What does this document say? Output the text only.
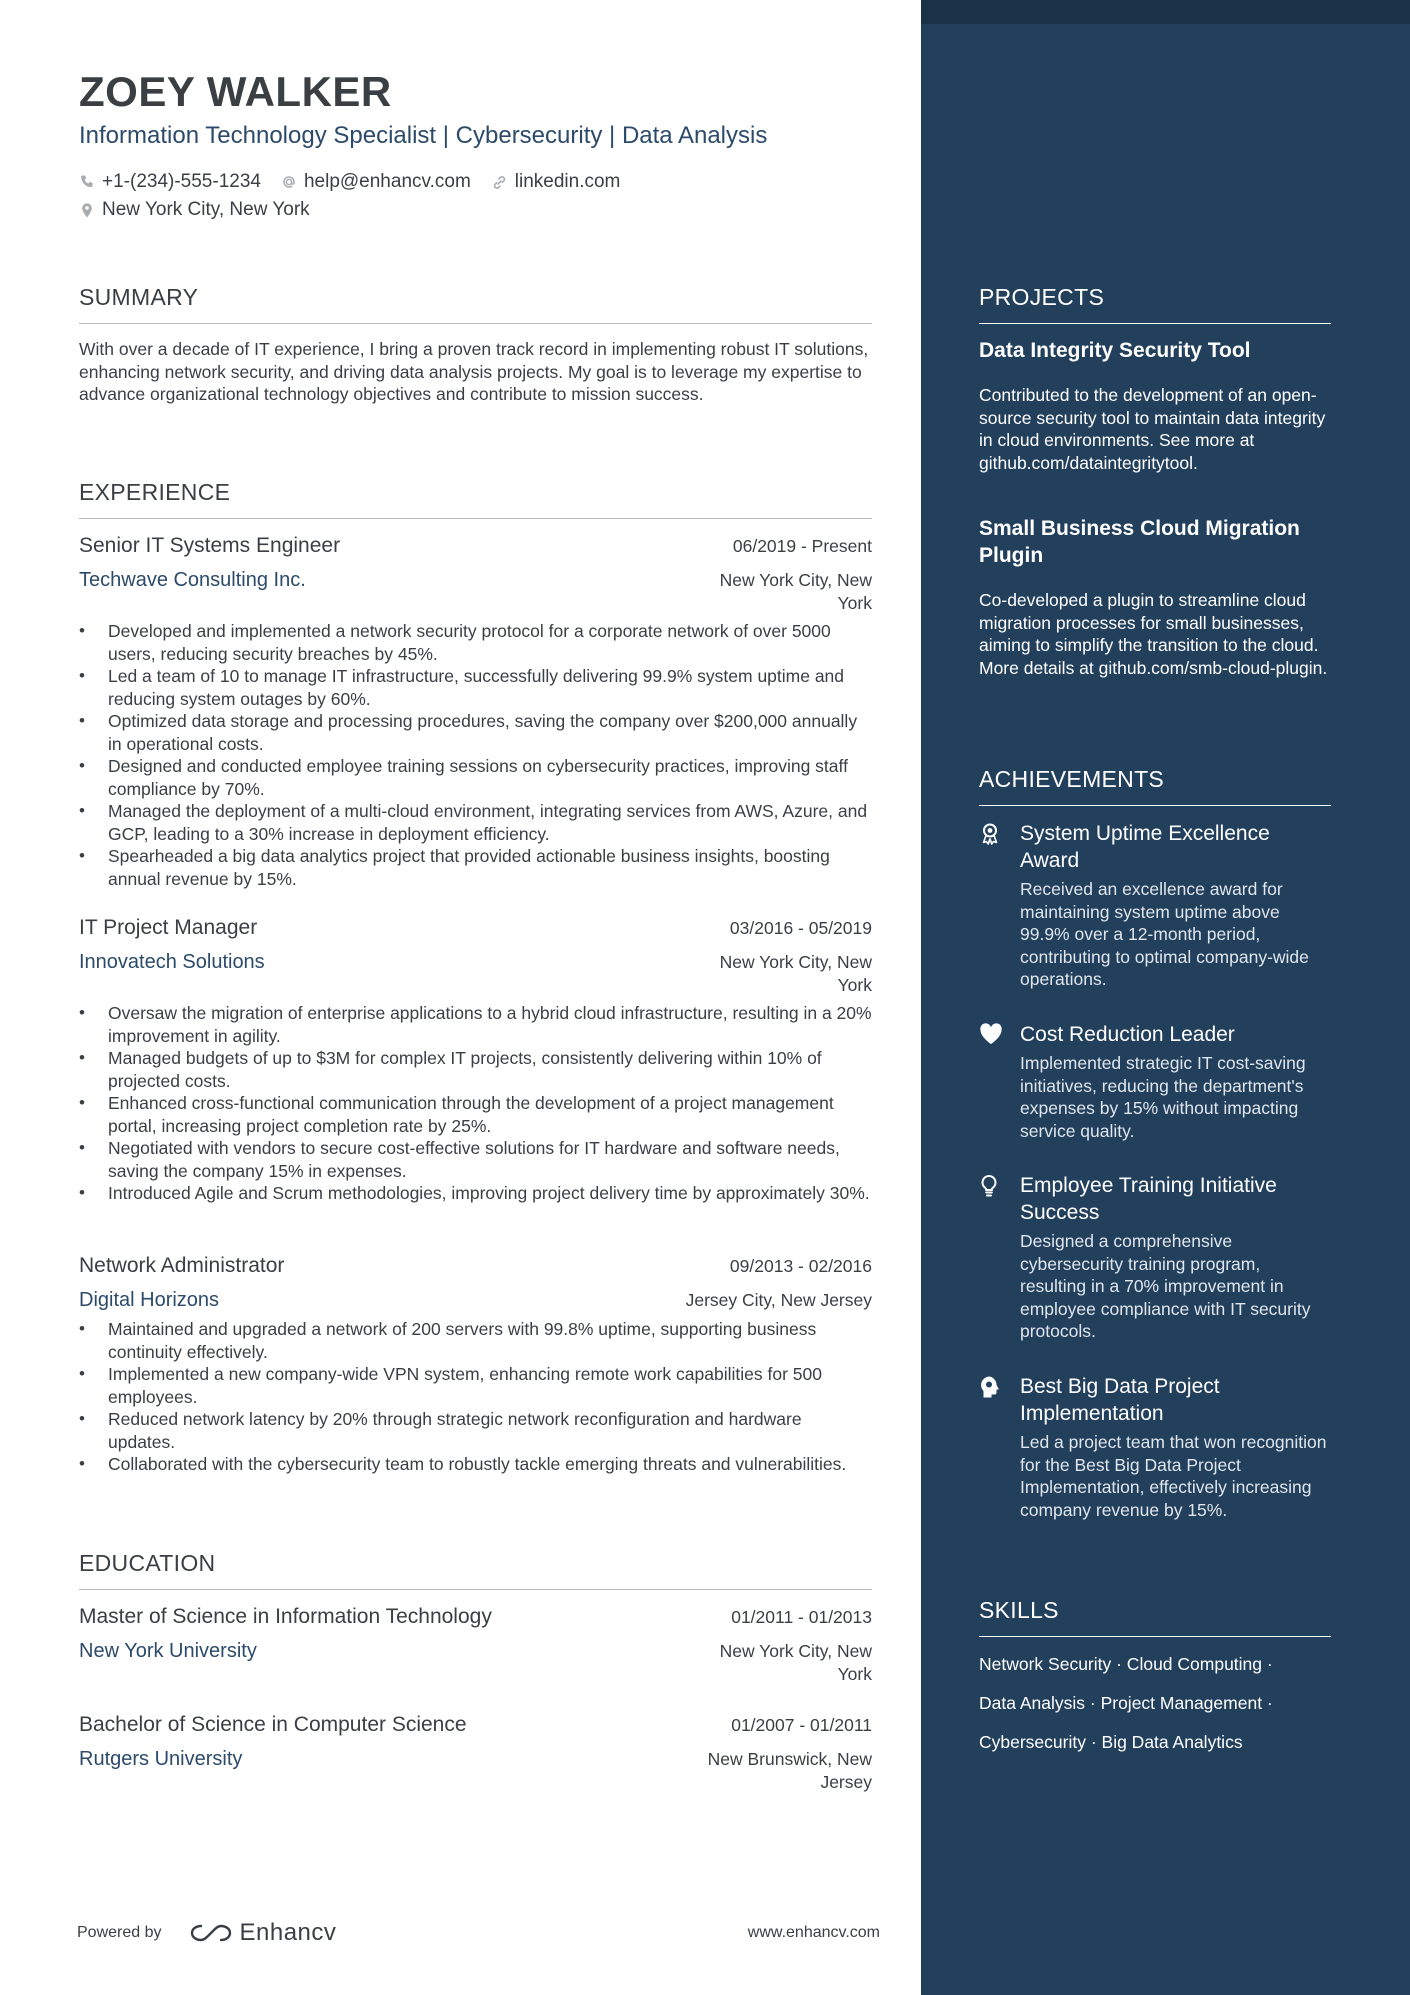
ZOEY WALKER
Information Technology Specialist | Cybersecurity | Data Analysis
+1-(234)-555-1234 help@enhancv.com linkedin.com
New York City, New York
SUMMARY
With over a decade of IT experience, I bring a proven track record in implementing robust IT solutions, enhancing network security, and driving data analysis projects. My goal is to leverage my expertise to advance organizational technology objectives and contribute to mission success.
EXPERIENCE
Senior IT Systems Engineer	06/2019 - Present
Techwave Consulting Inc.	New York City, New York
• Developed and implemented a network security protocol for a corporate network of over 5000 users, reducing security breaches by 45%.
• Led a team of 10 to manage IT infrastructure, successfully delivering 99.9% system uptime and reducing system outages by 60%.
• Optimized data storage and processing procedures, saving the company over $200,000 annually in operational costs.
• Designed and conducted employee training sessions on cybersecurity practices, improving staff compliance by 70%.
• Managed the deployment of a multi-cloud environment, integrating services from AWS, Azure, and GCP, leading to a 30% increase in deployment efficiency.
• Spearheaded a big data analytics project that provided actionable business insights, boosting annual revenue by 15%.
IT Project Manager	03/2016 - 05/2019
Innovatech Solutions	New York City, New York
• Oversaw the migration of enterprise applications to a hybrid cloud infrastructure, resulting in a 20% improvement in agility.
• Managed budgets of up to $3M for complex IT projects, consistently delivering within 10% of projected costs.
• Enhanced cross-functional communication through the development of a project management portal, increasing project completion rate by 25%.
• Negotiated with vendors to secure cost-effective solutions for IT hardware and software needs, saving the company 15% in expenses.
• Introduced Agile and Scrum methodologies, improving project delivery time by approximately 30%.
Network Administrator	09/2013 - 02/2016
Digital Horizons	Jersey City, New Jersey
• Maintained and upgraded a network of 200 servers with 99.8% uptime, supporting business continuity effectively.
• Implemented a new company-wide VPN system, enhancing remote work capabilities for 500 employees.
• Reduced network latency by 20% through strategic network reconfiguration and hardware updates.
• Collaborated with the cybersecurity team to robustly tackle emerging threats and vulnerabilities.
EDUCATION
Master of Science in Information Technology	01/2011 - 01/2013
New York University	New York City, New York
Bachelor of Science in Computer Science	01/2007 - 01/2011
Rutgers University	New Brunswick, New Jersey
PROJECTS
Data Integrity Security Tool
Contributed to the development of an open-source security tool to maintain data integrity in cloud environments. See more at github.com/dataintegritytool.
Small Business Cloud Migration Plugin
Co-developed a plugin to streamline cloud migration processes for small businesses, aiming to simplify the transition to the cloud. More details at github.com/smb-cloud-plugin.
ACHIEVEMENTS
System Uptime Excellence Award
Received an excellence award for maintaining system uptime above 99.9% over a 12-month period, contributing to optimal company-wide operations.
Cost Reduction Leader
Implemented strategic IT cost-saving initiatives, reducing the department's expenses by 15% without impacting service quality.
Employee Training Initiative Success
Designed a comprehensive cybersecurity training program, resulting in a 70% improvement in employee compliance with IT security protocols.
Best Big Data Project Implementation
Led a project team that won recognition for the Best Big Data Project Implementation, effectively increasing company revenue by 15%.
SKILLS
Network Security · Cloud Computing ·
Data Analysis · Project Management ·
Cybersecurity · Big Data Analytics
Powered by	Enhancv	www.enhancv.com
